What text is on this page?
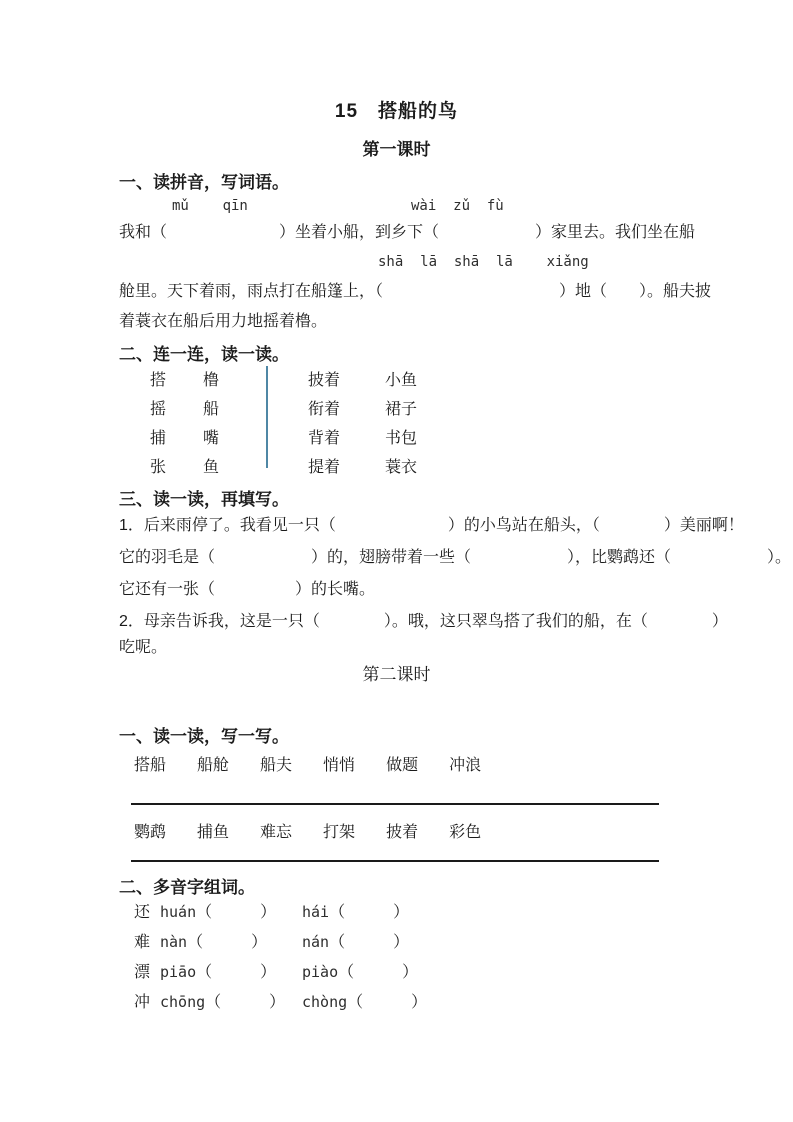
15　搭船的鸟
第一课时
一、读拼音，写词语。
mǔ    qīn	wài  zǔ  fù
我和（　　　　　　　）坐着小船，到乡下（　　　　　　）家里去。我们坐在船
shā  lā  shā  lā    xiǎng
舱里。天下着雨，雨点打在船篷上，（　　　　　　　　　　　）地（　　）。船夫披
着蓑衣在船后用力地摇着橹。
二、连一连，读一读。
搭	橹
摇	船
捕	嘴
张	鱼
披着	小鱼
衔着	裙子
背着	书包
提着	蓑衣
三、读一读，再填写。
1．后来雨停了。我看见一只（　　　　　　　）的小鸟站在船头，（　　　　）美丽啊！
它的羽毛是（　　　　　　）的，翅膀带着一些（　　　　　　），比鹦鹉还（　　　　　　）。
它还有一张（　　　　　）的长嘴。
2．母亲告诉我，这是一只（　　　　）。哦，这只翠鸟搭了我们的船，在（　　　　）
吃呢。
第二课时
一、读一读，写一写。
搭船 船舱 船夫 悄悄 做题 冲浪
鹦鹉 捕鱼 难忘 打架 披着 彩色
二、多音字组词。
还 huán（　　　）	hái（　　　）
难 nàn（　　　）	nán（　　　）
漂 piāo（　　　）	piào（　　　）
冲 chōng（　　　）	chòng（　　　）
